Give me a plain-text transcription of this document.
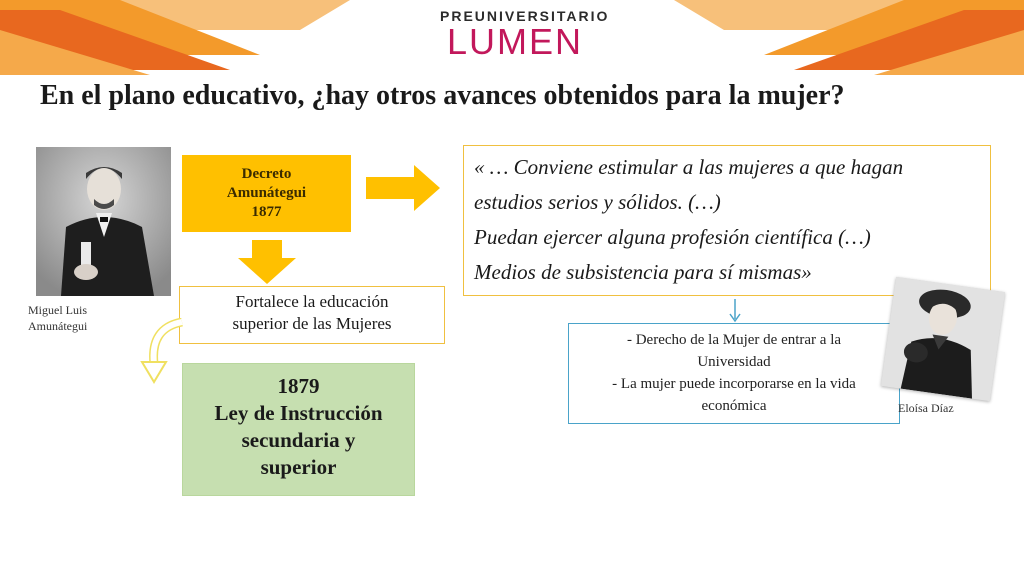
PREUNIVERSITARIO
LUMEN
En el plano educativo, ¿hay otros avances obtenidos para la mujer?
Miguel Luis
Amunátegui
Decreto
Amunátegui
1877
Fortalece la educación
superior de las Mujeres
1879
Ley de Instrucción
secundaria y
superior
« … Conviene estimular a las mujeres a que hagan
estudios serios y sólidos. (…)
Puedan ejercer alguna profesión científica (…)
Medios de subsistencia para sí mismas»
- Derecho de la Mujer de entrar a la
Universidad
- La mujer puede incorporarse en la vida
económica	Eloísa Díaz
